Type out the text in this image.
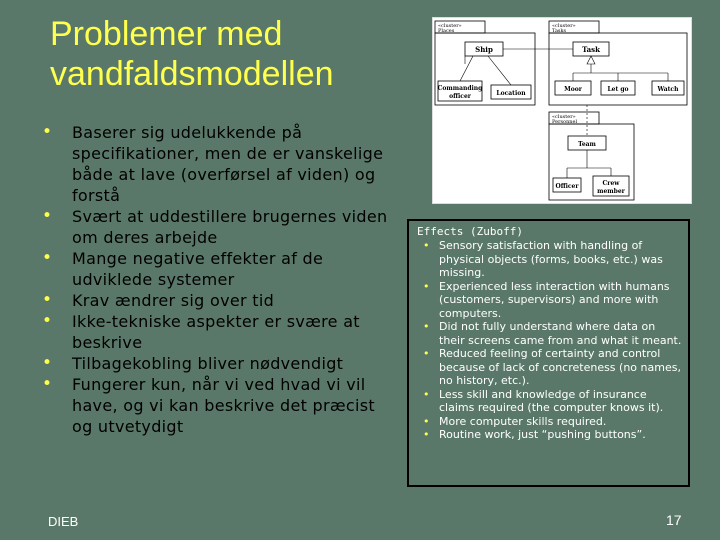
Problemer med vandfaldsmodellen
• Baserer sig udelukkende på specifikationer, men de er vanskelige både at lave (overførsel af viden) og forstå
• Svært at uddestillere brugernes viden om deres arbejde
• Mange negative effekter af de udviklede systemer
• Krav ændrer sig over tid
• Ikke-tekniske aspekter er svære at beskrive
• Tilbagekobling bliver nødvendigt
• Fungerer kun, når vi ved hvad vi vil have, og vi kan beskrive det præcist og utvetydigt
«cluster»
Places
Ship
Commanding
officer	Location
«cluster»
Tasks
Task
Moor	Let go	Watch
«cluster»
Personnel
Team
Officer	Crew
member
Effects (Zuboff)
• Sensory satisfaction with handling of physical objects (forms, books, etc.) was missing.
• Experienced less interaction with humans (customers, supervisors) and more with computers.
• Did not fully understand where data on their screens came from and what it meant.
• Reduced feeling of certainty and control because of lack of concreteness (no names, no history, etc.).
• Less skill and knowledge of insurance claims required (the computer knows it).
• More computer skills required.
• Routine work, just “pushing buttons”.
DIEB	17
